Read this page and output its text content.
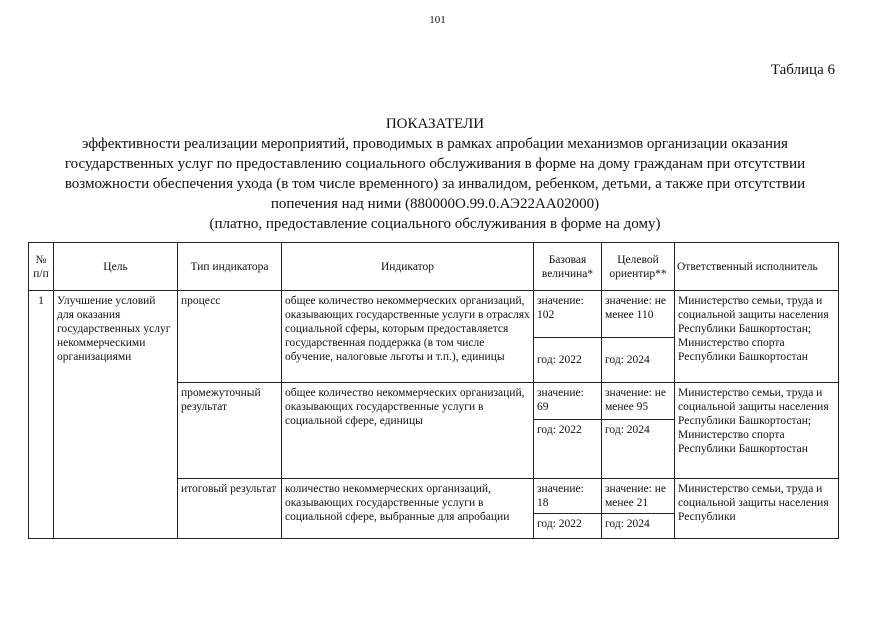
101
Таблица 6
ПОКАЗАТЕЛИ
эффективности реализации мероприятий, проводимых в рамках апробации механизмов организации оказания
государственных услуг по предоставлению социального обслуживания в форме на дому гражданам при отсутствии
возможности обеспечения ухода (в том числе временного) за инвалидом, ребенком, детьми, а также при отсутствии
попечения над ними (880000О.99.0.АЭ22АА02000)
(платно, предоставление социального обслуживания в форме на дому)
№ п/п	Цель	Тип индикатора	Индикатор	Базовая величина*	Целевой ориентир**	Ответственный исполнитель
1	Улучшение условий для оказания государственных услуг некоммерческими организациями	процесс	общее количество некоммерческих организаций, оказывающих государственные услуги в отраслях социальной сферы, которым предоставляется государственная поддержка (в том числе обучение, налоговые льготы и т.п.), единицы	значение: 102	значение: не менее 110	Министерство семьи, труда и социальной защиты населения Республики Башкортостан; Министерство спорта Республики Башкортостан
				год: 2022	год: 2024	
		промежуточный результат	общее количество некоммерческих организаций, оказывающих государственные услуги в социальной сфере, единицы	значение: 69	значение: не менее 95	Министерство семьи, труда и социальной защиты населения Республики Башкортостан; Министерство спорта Республики Башкортостан
				год: 2022	год: 2024	
		итоговый результат	количество некоммерческих организаций, оказывающих государственные услуги в социальной сфере, выбранные для апробации	значение: 18	значение: не менее 21	Министерство семьи, труда и социальной защиты населения Республики
				год: 2022	год: 2024	
